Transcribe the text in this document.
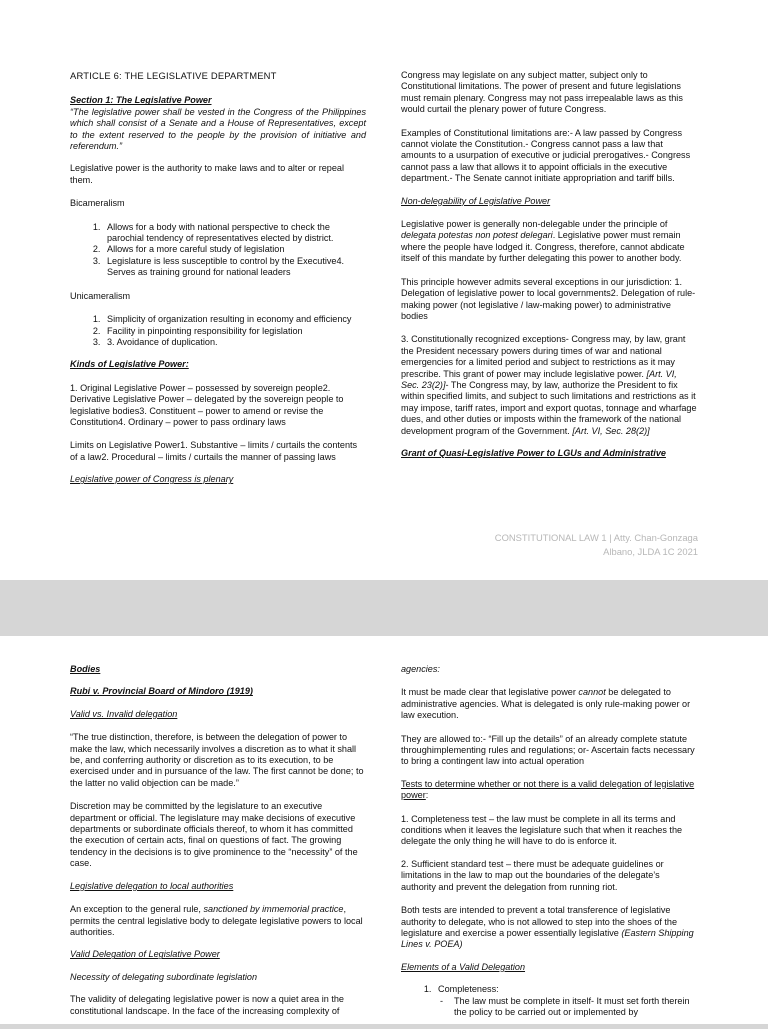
ARTICLE 6: THE LEGISLATIVE DEPARTMENT

Section 1: The Legislative Power

“The legislative power shall be vested in the Congress of the Philippines which shall consist of a Senate and a House of Representatives, except to the extent reserved to the people by the provision of initiative and referendum.”

Legislative power is the authority to make laws and to alter or repeal them.

Bicameralism

1. Allows for a body with national perspective to check the parochial tendency of representatives elected by district.
2. Allows for a more careful study of legislation
3. Legislature is less susceptible to control by the Executive4. Serves as training ground for national leaders

Unicameralism

1. Simplicity of organization resulting in economy and efficiency
2. Facility in pinpointing responsibility for legislation
3. 3. Avoidance of duplication.

Kinds of Legislative Power:

1. Original Legislative Power – possessed by sovereign people2. Derivative Legislative Power – delegated by the sovereign people to legislative bodies3. Constituent – power to amend or revise the Constitution4. Ordinary – power to pass ordinary laws

Limits on Legislative Power1. Substantive – limits / curtails the contents of a law2. Procedural – limits / curtails the manner of passing laws

Legislative power of Congress is plenary

Congress may legislate on any subject matter, subject only to Constitutional limitations. The power of present and future legislations must remain plenary. Congress may not pass irrepealable laws as this would curtail the plenary power of future Congress.

Examples of Constitutional limitations are:- A law passed by Congress cannot violate the Constitution.- Congress cannot pass a law that amounts to a usurpation of executive or judicial prerogatives.- Congress cannot pass a law that allows it to appoint officials in the executive department.- The Senate cannot initiate appropriation and tariff bills.

Non-delegability of Legislative Power

Legislative power is generally non-delegable under the principle of delegata potestas non potest delegari. Legislative power must remain where the people have lodged it. Congress, therefore, cannot abdicate itself of this mandate by further delegating this power to another body.

This principle however admits several exceptions in our jurisdiction: 1. Delegation of legislative power to local governments2. Delegation of rule-making power (not legislative / law-making power) to administrative bodies

3. Constitutionally recognized exceptions- Congress may, by law, grant the President necessary powers during times of war and national emergencies for a limited period and subject to restrictions as it may prescribe. This grant of power may include legislative power. [Art. VI, Sec. 23(2)]- The Congress may, by law, authorize the President to fix within specified limits, and subject to such limitations and restrictions as it may impose, tariff rates, import and export quotas, tonnage and wharfage dues, and other duties or imposts within the framework of the national development program of the Government. [Art. VI, Sec. 28(2)]

Grant of Quasi-Legislative Power to LGUs and Administrative

CONSTITUTIONAL LAW 1 | Atty. Chan-Gonzaga
Albano, JLDA 1C 2021

Bodies

Rubi v. Provincial Board of Mindoro (1919)

Valid vs. Invalid delegation

“The true distinction, therefore, is between the delegation of power to make the law, which necessarily involves a discretion as to what it shall be, and conferring authority or discretion as to its execution, to be exercised under and in pursuance of the law. The first cannot be done; to the latter no valid objection can be made.”

Discretion may be committed by the legislature to an executive department or official. The legislature may make decisions of executive departments or subordinate officials thereof, to whom it has committed the execution of certain acts, final on questions of fact. The growing tendency in the decisions is to give prominence to the “necessity” of the case.

Legislative delegation to local authorities

An exception to the general rule, sanctioned by immemorial practice, permits the central legislative body to delegate legislative powers to local authorities.

Valid Delegation of Legislative Power

Necessity of delegating subordinate legislation

The validity of delegating legislative power is now a quiet area in the constitutional landscape. In the face of the increasing complexity of

agencies:

It must be made clear that legislative power cannot be delegated to administrative agencies. What is delegated is only rule-making power or law execution.

They are allowed to:- “Fill up the details” of an already complete statute throughimplementing rules and regulations; or- Ascertain facts necessary to bring a contingent law into actual operation

Tests to determine whether or not there is a valid delegation of legislative power:

1. Completeness test – the law must be complete in all its terms and conditions when it leaves the legislature such that when it reaches the delegate the only thing he will have to do is enforce it.

2. Sufficient standard test – there must be adequate guidelines or limitations in the law to map out the boundaries of the delegate’s authority and prevent the delegation from running riot.

Both tests are intended to prevent a total transference of legislative authority to delegate, who is not allowed to step into the shoes of the legislature and exercise a power essentially legislative (Eastern Shipping Lines v. POEA)

Elements of a Valid Delegation

1. Completeness:
- The law must be complete in itself- It must set forth therein the policy to be carried out or implemented by
